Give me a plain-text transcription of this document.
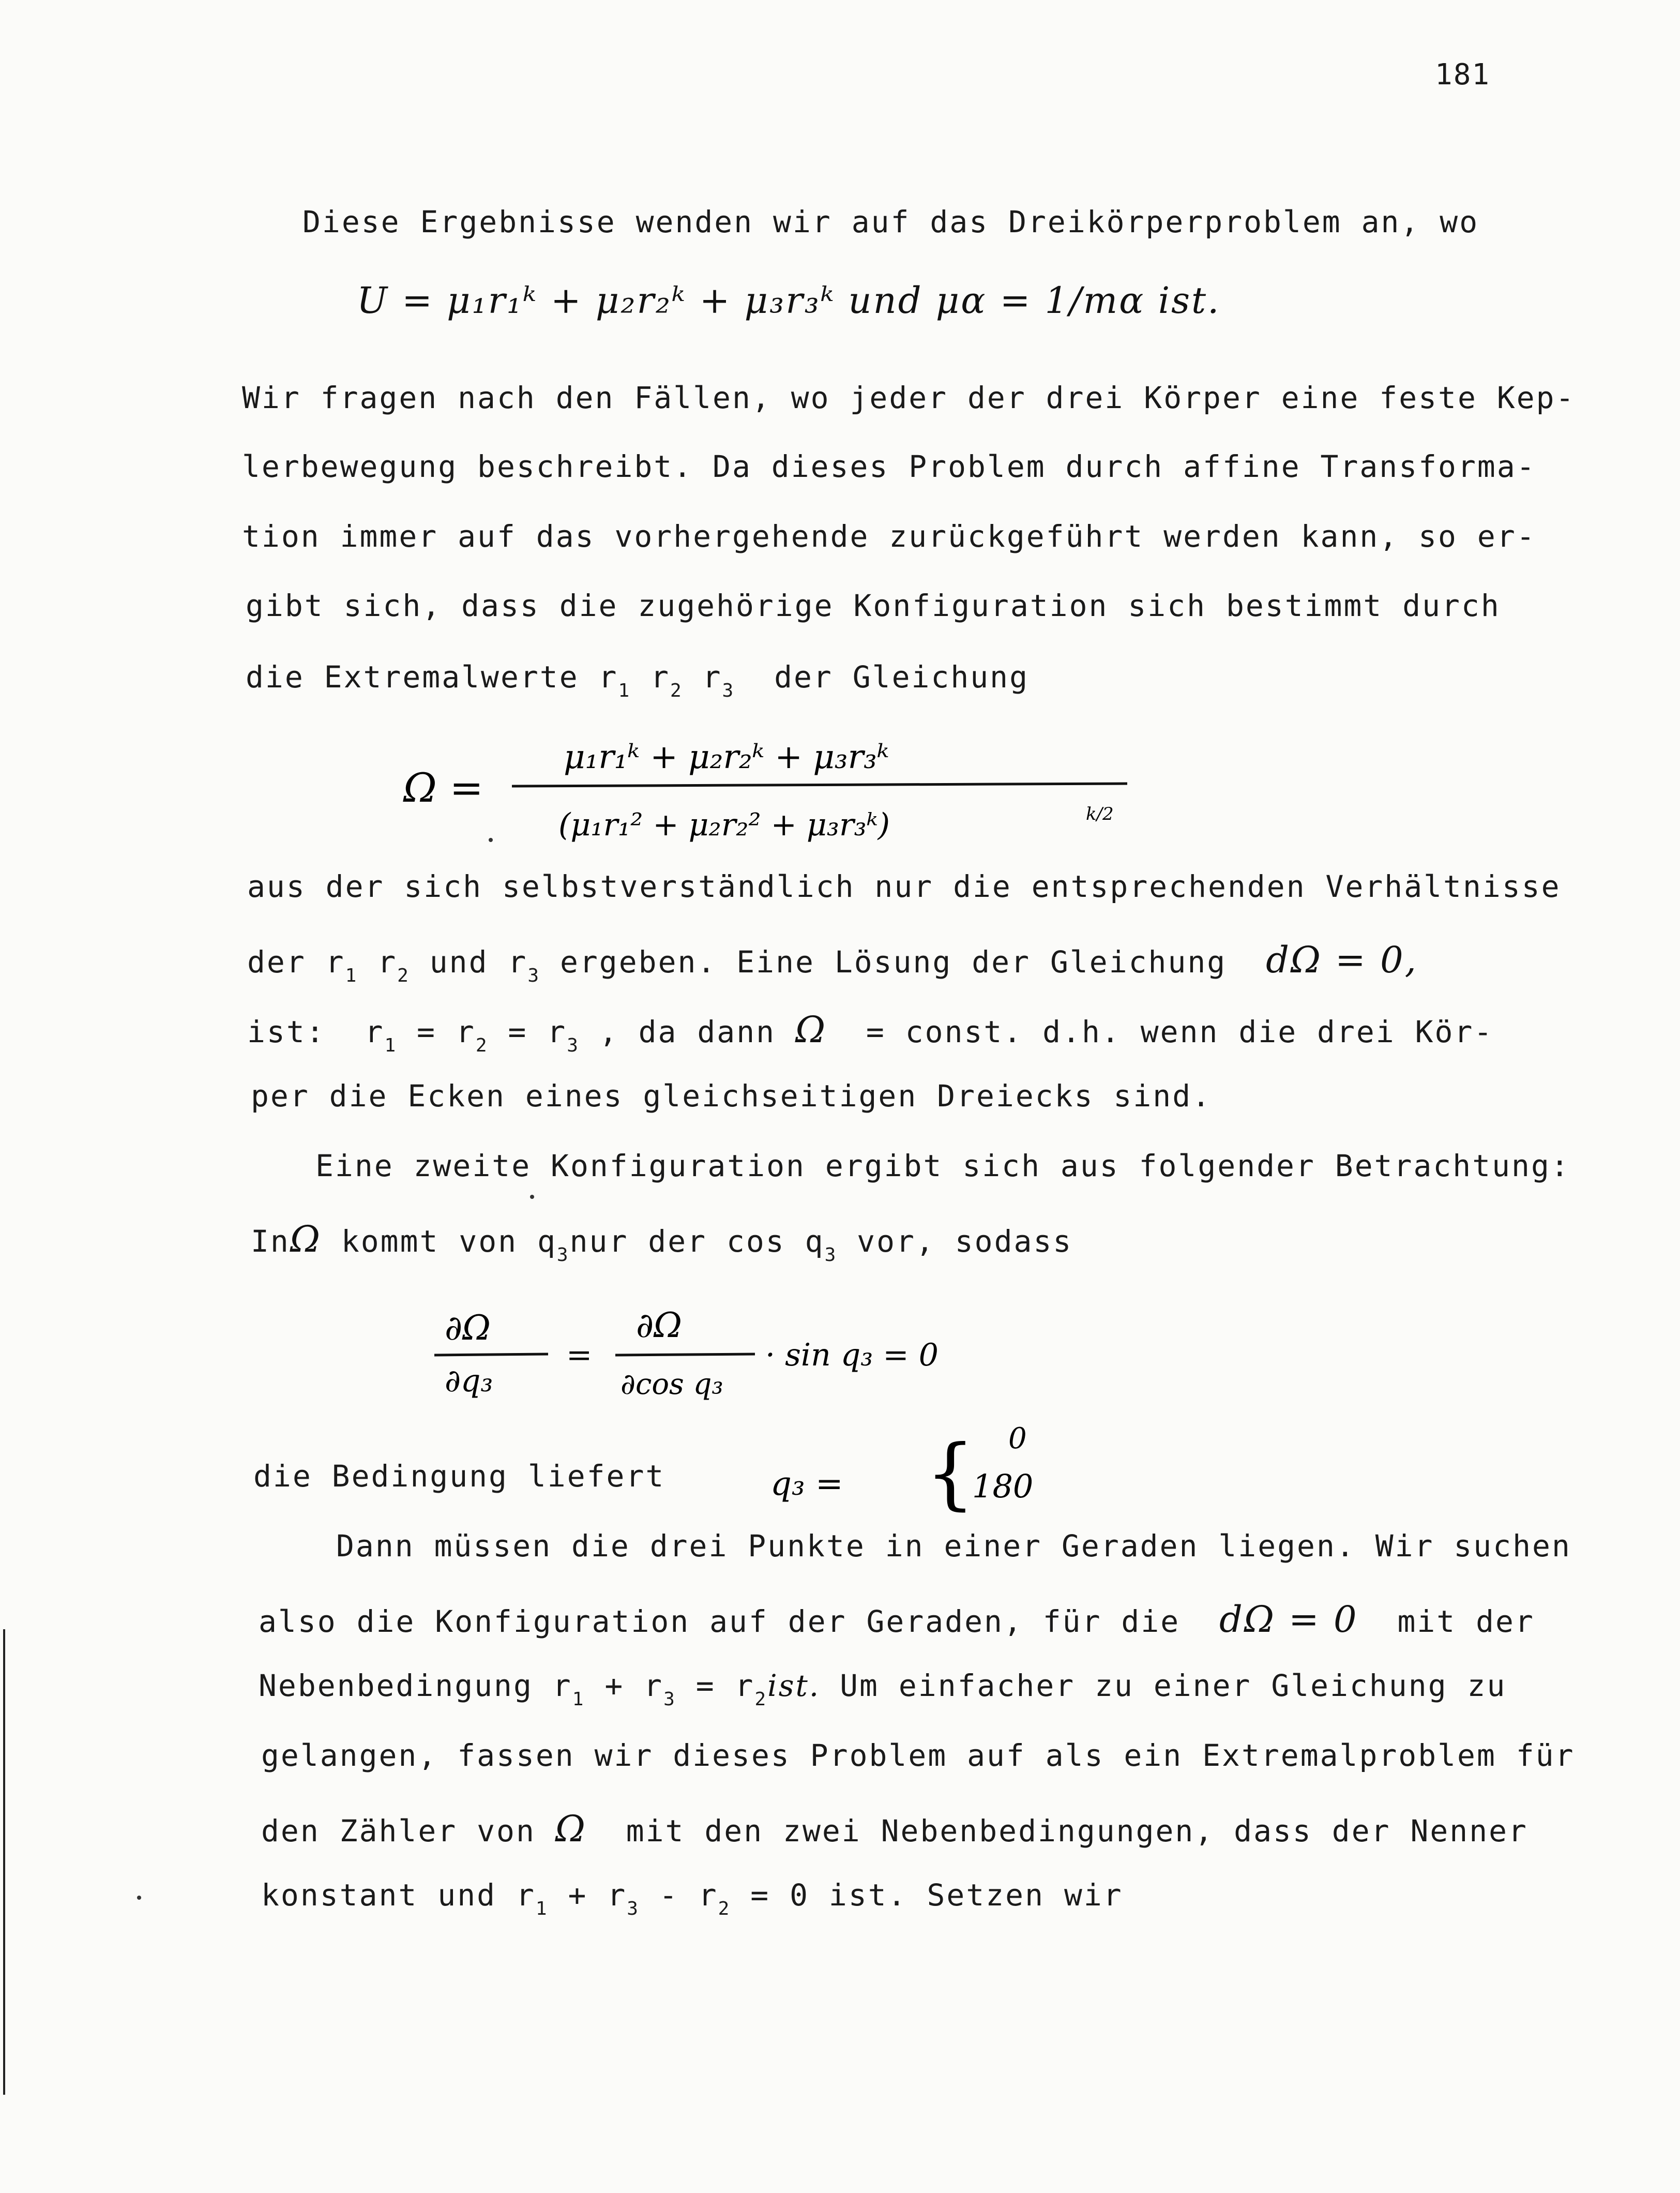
181
Diese Ergebnisse wenden wir auf das Dreikörperproblem an, wo
U = μ₁r₁ᵏ + μ₂r₂ᵏ + μ₃r₃ᵏ und μα = 1/mα ist.
Wir fragen nach den Fällen, wo jeder der drei Körper eine feste Kep-
lerbewegung beschreibt. Da dieses Problem durch affine Transforma-
tion immer auf das vorhergehende zurückgeführt werden kann, so er-
gibt sich, dass die zugehörige Konfiguration sich bestimmt durch
die Extremalwerte $r_1$ $r_2$ $r_3$ der Gleichung
Ω =
μ₁r₁ᵏ + μ₂r₂ᵏ + μ₃r₃ᵏ
(μ₁r₁² + μ₂r₂² + μ₃r₃ᵏ)	k/2
aus der sich selbstverständlich nur die entsprechenden Verhältnisse
der $r_1$ $r_2$ und $r_3$ ergeben. Eine Lösung der Gleichung dΩ = 0,
ist:  $r_1 = r_2 = r_3$ , da dann Ω = const. d.h. wenn die drei Kör-
per die Ecken eines gleichseitigen Dreiecks sind.
Eine zweite Konfiguration ergibt sich aus folgender Betrachtung:
InΩ kommt von $q_3nur$ der $\cos q_3$ vor, sodass
∂Ω
∂q₃
=
∂Ω
∂cos q₃
· sin q₃ = 0
die Bedingung liefert	q₃ = { 0
180
Dann müssen die drei Punkte in einer Geraden liegen. Wir suchen
also die Konfiguration auf der Geraden, für die dΩ = 0 mit der
Nebenbedingung $r_1 + r_3 = r_2ist$. Um einfacher zu einer Gleichung zu
gelangen, fassen wir dieses Problem auf als ein Extremalproblem für
den Zähler von Ω mit den zwei Nebenbedingungen, dass der Nenner
konstant und $r_1 + r_3 - r_2 = 0$ ist. Setzen wir
